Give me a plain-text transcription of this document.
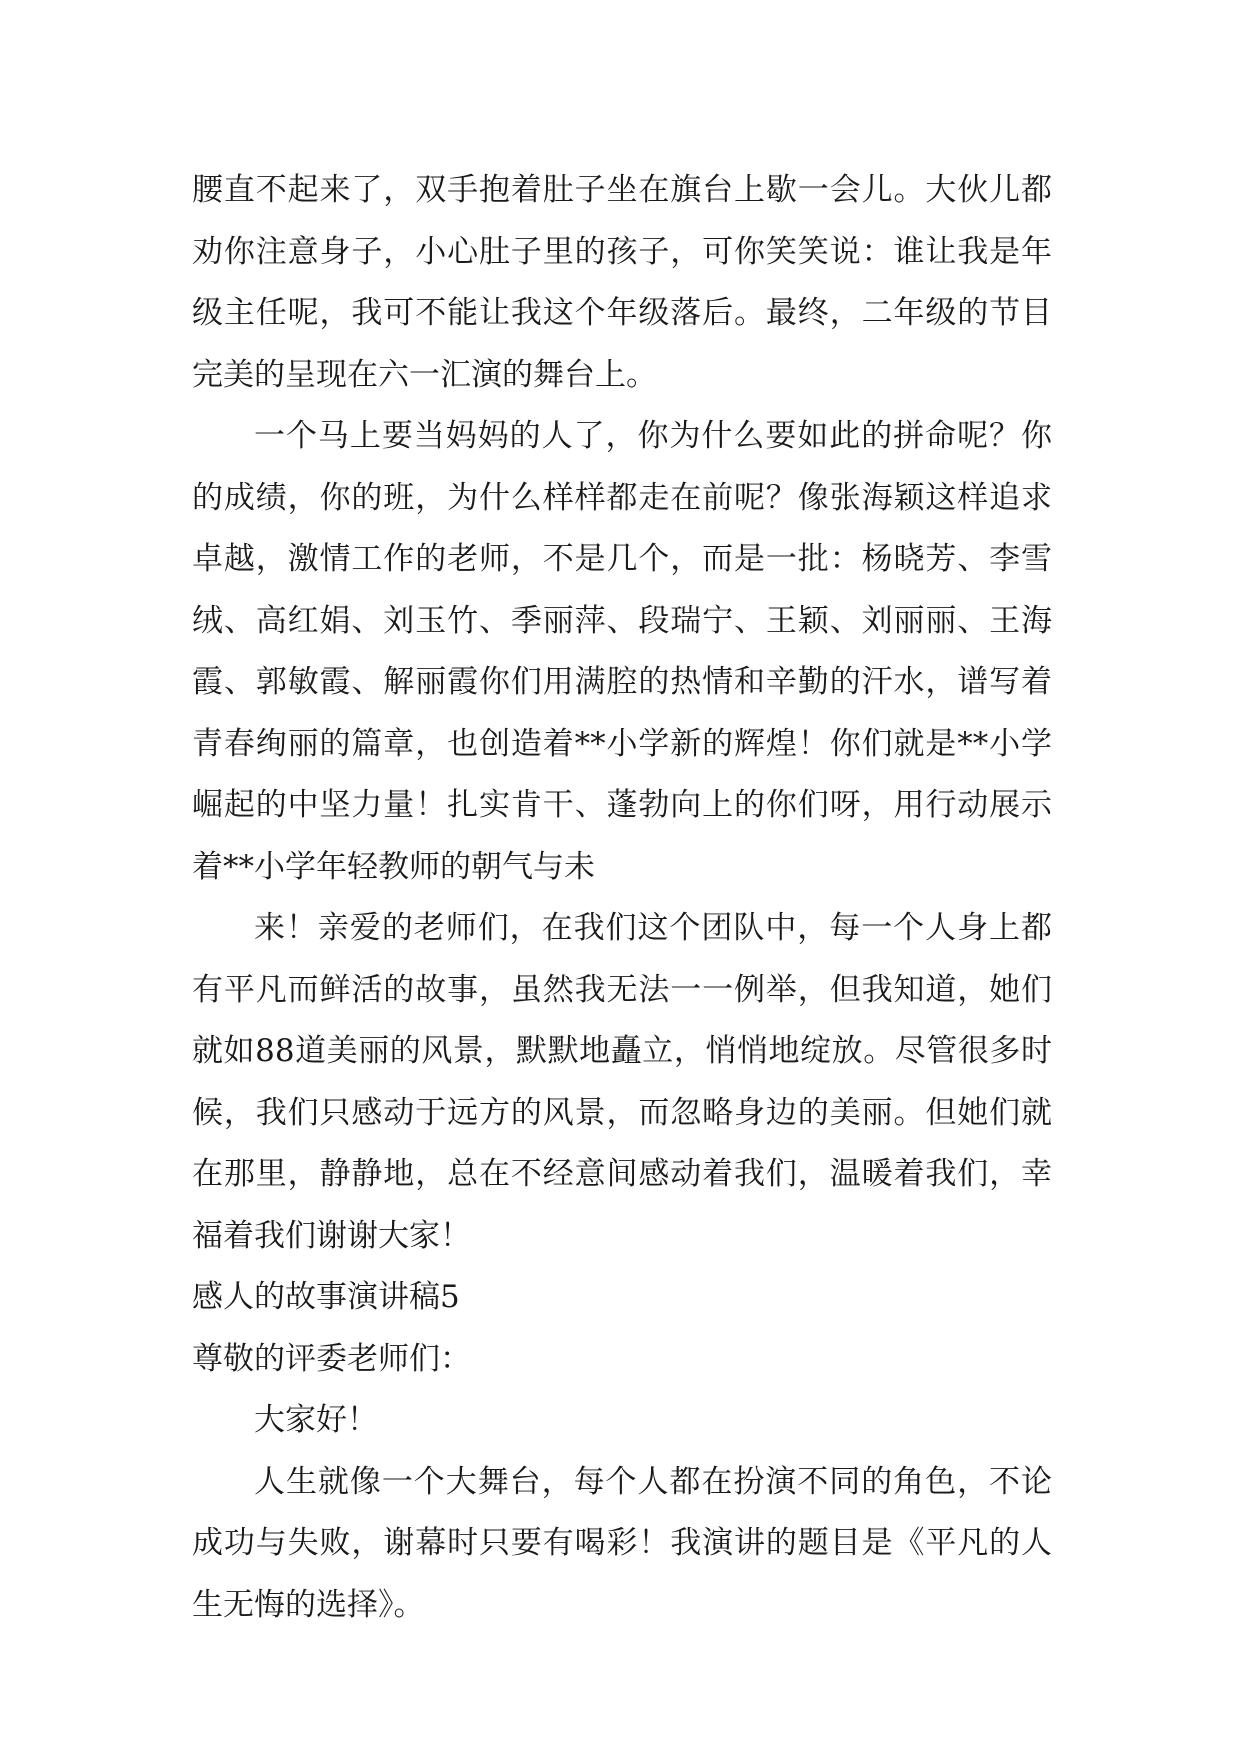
腰直不起来了，双手抱着肚子坐在旗台上歇一会儿。大伙儿都劝你注意身子，小心肚子里的孩子，可你笑笑说：谁让我是年级主任呢，我可不能让我这个年级落后。最终，二年级的节目完美的呈现在六一汇演的舞台上。

一个马上要当妈妈的人了，你为什么要如此的拼命呢？你的成绩，你的班，为什么样样都走在前呢？像张海颖这样追求卓越，激情工作的老师，不是几个，而是一批：杨晓芳、李雪绒、高红娟、刘玉竹、季丽萍、段瑞宁、王颖、刘丽丽、王海霞、郭敏霞、解丽霞你们用满腔的热情和辛勤的汗水，谱写着青春绚丽的篇章，也创造着**小学新的辉煌！你们就是**小学崛起的中坚力量！扎实肯干、蓬勃向上的你们呀，用行动展示着**小学年轻教师的朝气与未

来！亲爱的老师们，在我们这个团队中，每一个人身上都有平凡而鲜活的故事，虽然我无法一一例举，但我知道，她们就如88道美丽的风景，默默地矗立，悄悄地绽放。尽管很多时候，我们只感动于远方的风景，而忽略身边的美丽。但她们就在那里，静静地，总在不经意间感动着我们，温暖着我们，幸福着我们谢谢大家！

感人的故事演讲稿5

尊敬的评委老师们：

大家好！

人生就像一个大舞台，每个人都在扮演不同的角色，不论成功与失败，谢幕时只要有喝彩！我演讲的题目是《平凡的人生无悔的选择》。
